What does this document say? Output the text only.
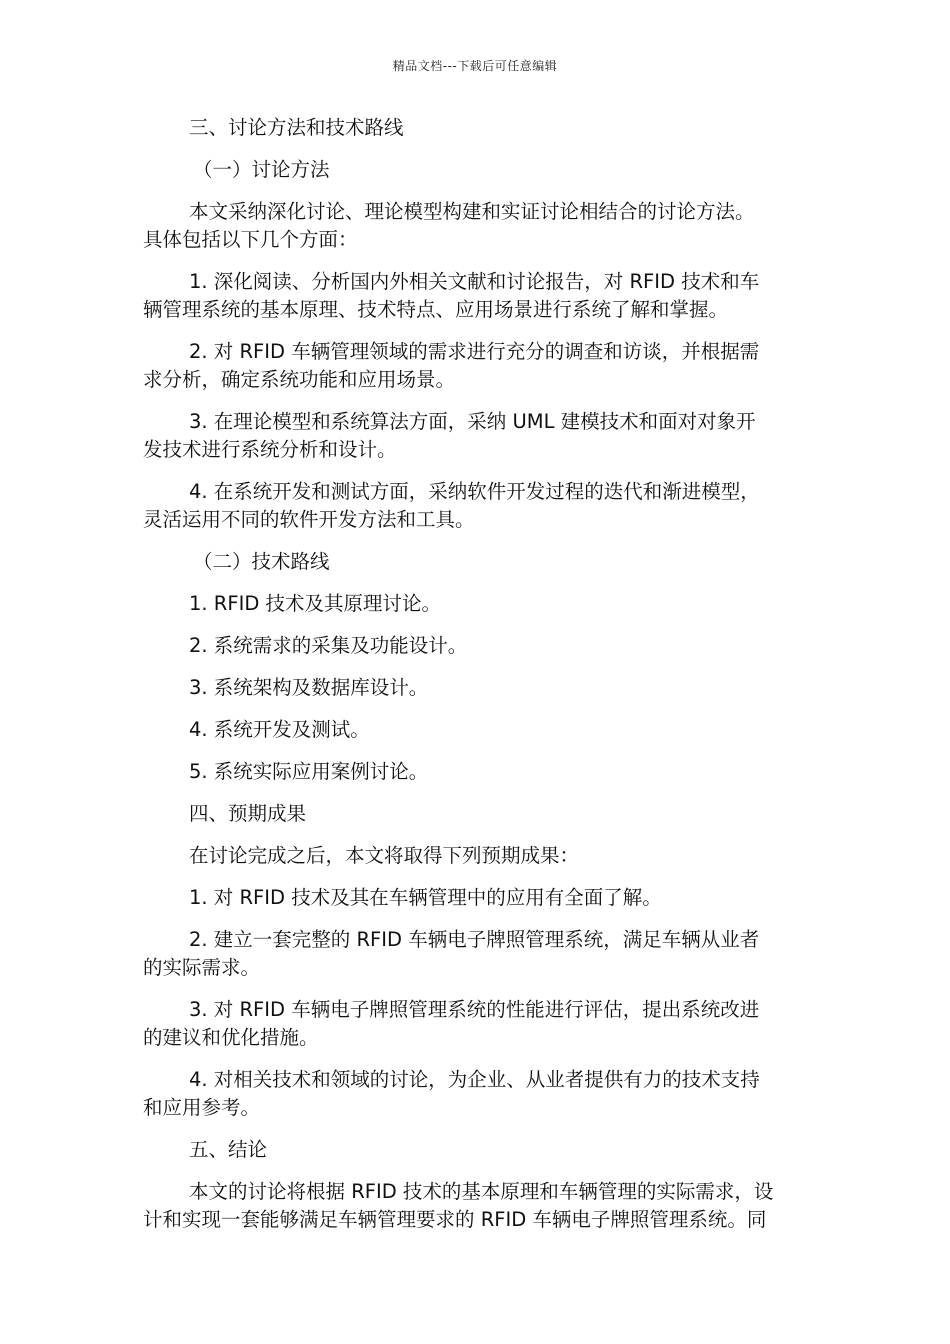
精品文档---下载后可任意编辑

三、讨论方法和技术路线

（一）讨论方法

本文采纳深化讨论、理论模型构建和实证讨论相结合的讨论方法。

具体包括以下几个方面：

1. 深化阅读、分析国内外相关文献和讨论报告，对 RFID 技术和车

辆管理系统的基本原理、技术特点、应用场景进行系统了解和掌握。

2. 对 RFID 车辆管理领域的需求进行充分的调查和访谈，并根据需

求分析，确定系统功能和应用场景。

3. 在理论模型和系统算法方面，采纳 UML 建模技术和面对对象开

发技术进行系统分析和设计。

4. 在系统开发和测试方面，采纳软件开发过程的迭代和渐进模型，

灵活运用不同的软件开发方法和工具。

（二）技术路线

1. RFID 技术及其原理讨论。

2. 系统需求的采集及功能设计。

3. 系统架构及数据库设计。

4. 系统开发及测试。

5. 系统实际应用案例讨论。

四、预期成果

在讨论完成之后，本文将取得下列预期成果：

1. 对 RFID 技术及其在车辆管理中的应用有全面了解。

2. 建立一套完整的 RFID 车辆电子牌照管理系统，满足车辆从业者

的实际需求。

3. 对 RFID 车辆电子牌照管理系统的性能进行评估，提出系统改进

的建议和优化措施。

4. 对相关技术和领域的讨论，为企业、从业者提供有力的技术支持

和应用参考。

五、结论

本文的讨论将根据 RFID 技术的基本原理和车辆管理的实际需求，设

计和实现一套能够满足车辆管理要求的 RFID 车辆电子牌照管理系统。同
